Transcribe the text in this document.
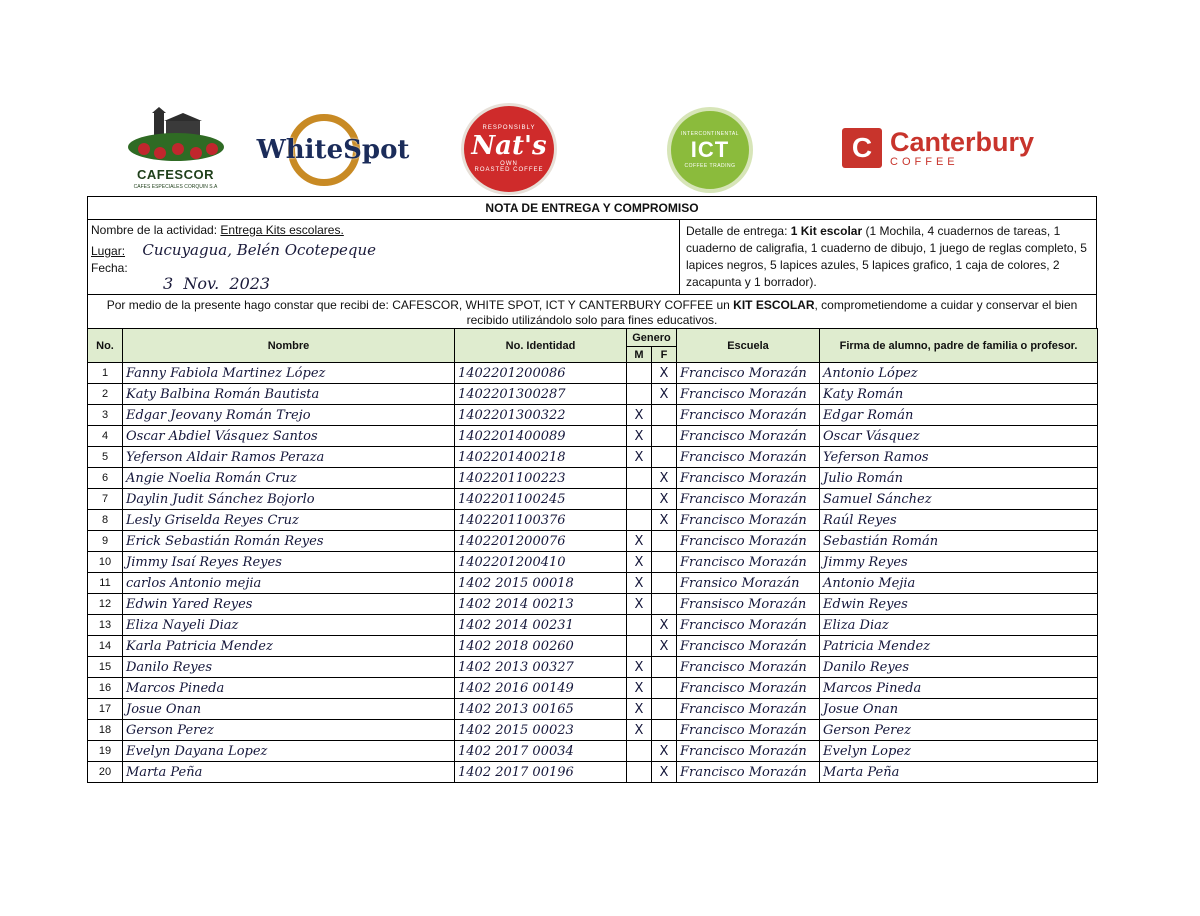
CAFESCOR
CAFES ESPECIALES CORQUIN S.A
WhiteSpot
RESPONSIBLY
Nat's
OWN
ROASTED COFFEE
INTERCONTINENTAL
ICT
COFFEE TRADING
C Canterbury
COFFEE
NOTA DE ENTREGA Y COMPROMISO
Nombre de la actividad: Entrega Kits escolares.
Lugar: Cucuyagua, Belén Ocotepeque
Fecha:
3  Nov.  2023
Detalle de entrega: 1 Kit escolar (1 Mochila, 4 cuadernos de tareas, 1 cuaderno de caligrafia, 1 cuaderno de dibujo, 1 juego de reglas completo, 5 lapices negros, 5 lapices azules, 5 lapices grafico, 1 caja de colores, 2 zacapunta y 1 borrador).
Por medio de la presente hago constar que recibi de: CAFESCOR, WHITE SPOT, ICT Y CANTERBURY COFFEE un KIT ESCOLAR, comprometiendome a cuidar y conservar el bien recibido utilizándolo solo para fines educativos.
No.	Nombre	No. Identidad	Genero		Escuela	Firma de alumno, padre de familia o profesor.
			M	F		
1	Fanny Fabiola Martinez López	1402201200086		X	Francisco Morazán	Antonio López
2	Katy Balbina Román Bautista	1402201300287		X	Francisco Morazán	Katy Román
3	Edgar Jeovany Román Trejo	1402201300322	X		Francisco Morazán	Edgar Román
4	Oscar Abdiel Vásquez Santos	1402201400089	X		Francisco Morazán	Oscar Vásquez
5	Yeferson Aldair Ramos Peraza	1402201400218	X		Francisco Morazán	Yeferson Ramos
6	Angie Noelia Román Cruz	1402201100223		X	Francisco Morazán	Julio Román
7	Daylin Judit Sánchez Bojorlo	1402201100245		X	Francisco Morazán	Samuel Sánchez
8	Lesly Griselda Reyes Cruz	1402201100376		X	Francisco Morazán	Raúl Reyes
9	Erick Sebastián Román Reyes	1402201200076	X		Francisco Morazán	Sebastián Román
10	Jimmy Isaí Reyes Reyes	1402201200410	X		Francisco Morazán	Jimmy Reyes
11	carlos Antonio mejia	1402 2015 00018	X		Fransico Morazán	Antonio Mejia
12	Edwin Yared Reyes	1402 2014 00213	X		Fransisco Morazán	Edwin Reyes
13	Eliza Nayeli Diaz	1402 2014 00231		X	Francisco Morazán	Eliza Diaz
14	Karla Patricia Mendez	1402 2018 00260		X	Francisco Morazán	Patricia Mendez
15	Danilo Reyes	1402 2013 00327	X		Francisco Morazán	Danilo Reyes
16	Marcos Pineda	1402 2016 00149	X		Francisco Morazán	Marcos Pineda
17	Josue Onan	1402 2013 00165	X		Francisco Morazán	Josue Onan
18	Gerson Perez	1402 2015 00023	X		Francisco Morazán	Gerson Perez
19	Evelyn Dayana Lopez	1402 2017 00034		X	Francisco Morazán	Evelyn Lopez
20	Marta Peña	1402 2017 00196		X	Francisco Morazán	Marta Peña
